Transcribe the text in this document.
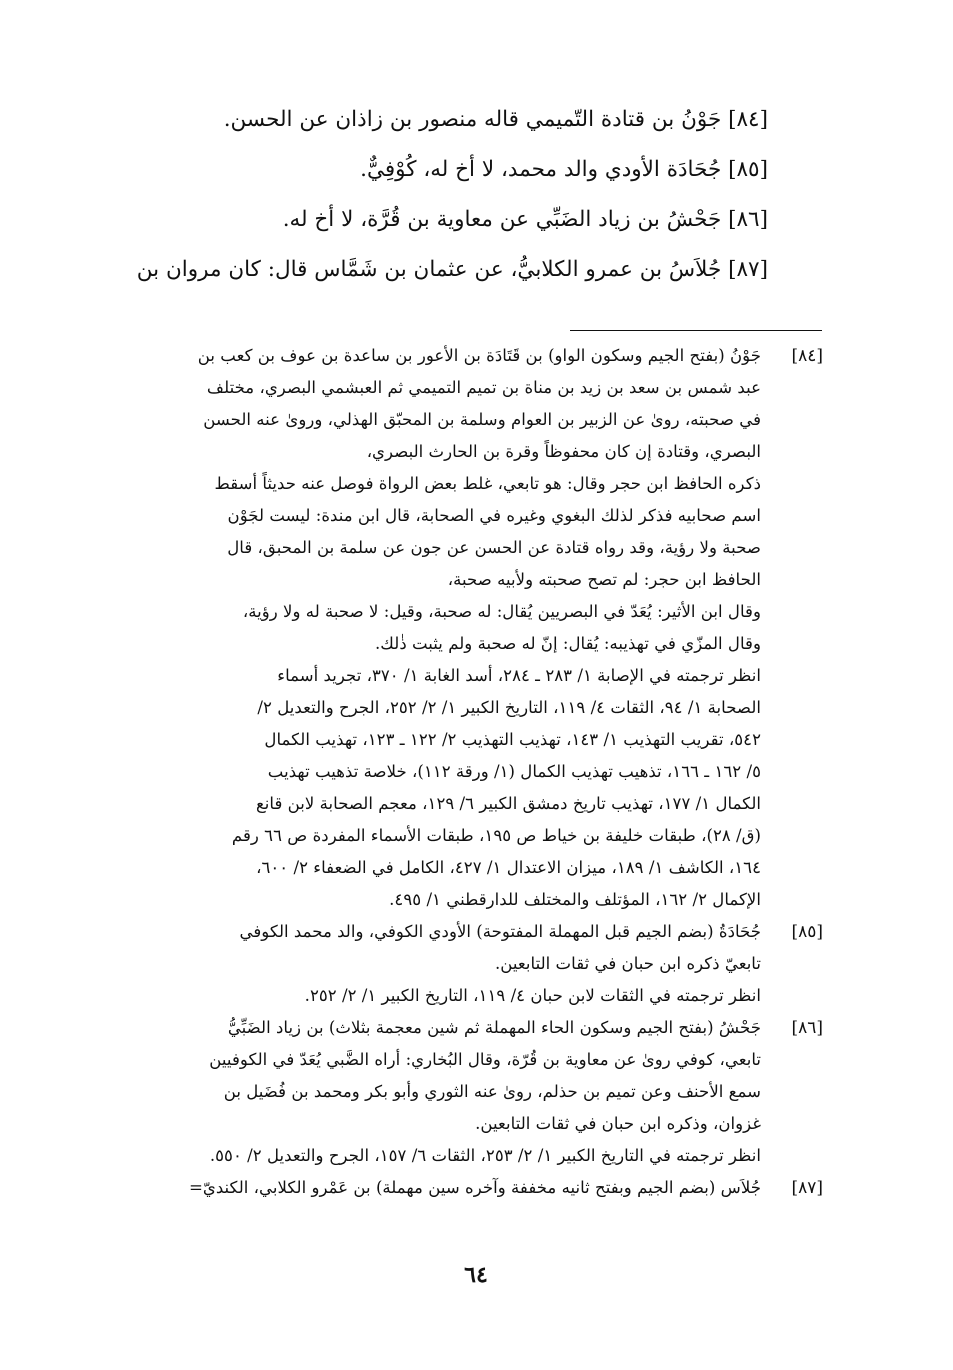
[٨٤] جَوْنُ بن قتادة التّميمي قاله منصور بن زاذان عن الحسن.
[٨٥] جُحَادَة الأودي والد محمد، لا أخ له، كُوْفِيٌّ.
[٨٦] جَحْشُ بن زياد الضَبِّي عن معاوية بن قُرَّة، لا أخ له.
[٨٧] جُلاَسُ بن عمرو الكلابيُّ، عن عثمان بن شَمَّاس قال: كان مروان بن
[٨٤]
جَوْنُ (بفتح الجيم وسكون الواو) بن قَتَادَة بن الأعور بن ساعدة بن عوف بن كعب بن
عبد شمس بن سعد بن زيد بن مناة بن تميم التميمي ثم العبشمي البصري، مختلف
في صحبته، روىٰ عن الزبير بن العوام وسلمة بن المحبّق الهذلي، وروىٰ عنه الحسن
البصري، وقتادة إن كان محفوظاً وقرة بن الحارث البصري،
ذكره الحافظ ابن حجر وقال: هو تابعي، غلط بعض الرواة فوصل عنه حديثاً أسقط
اسم صحابيه فذكر لذلك البغوي وغيره في الصحابة، قال ابن مندة: ليست لجَوْن
صحبة ولا رؤية، وقد رواه قتادة عن الحسن عن جون عن سلمة بن المحبق، قال
الحافظ ابن حجر: لم تصح صحبته ولأبيه صحبة،
وقال ابن الأثير: يُعَدّ في البصريين يُقال: له صحبة، وقيل: لا صحبة له ولا رؤية،
وقال المزّي في تهذيبه: يُقال: إنّ له صحبة ولم يثبت ذٰلك.
انظر ترجمته في الإصابة ١/ ٢٨٣ ـ ٢٨٤، أسد الغابة ١/ ٣٧٠، تجريد أسماء
الصحابة ١/ ٩٤، الثقات ٤/ ١١٩، التاريخ الكبير ١/ ٢/ ٢٥٢، الجرح والتعديل ٢/
٥٤٢، تقريب التهذيب ١/ ١٤٣، تهذيب التهذيب ٢/ ١٢٢ ـ ١٢٣، تهذيب الكمال
٥/ ١٦٢ ـ ١٦٦، تذهيب تهذيب الكمال (١/ ورقة ١١٢)، خلاصة تذهيب تهذيب
الكمال ١/ ١٧٧، تهذيب تاريخ دمشق الكبير ٦/ ١٢٩، معجم الصحابة لابن قانع
(ق/ ٢٨)، طبقات خليفة بن خياط ص ١٩٥، طبقات الأسماء المفردة ص ٦٦ رقم
١٦٤، الكاشف ١/ ١٨٩، ميزان الاعتدال ١/ ٤٢٧، الكامل في الضعفاء ٢/ ٦٠٠،
الإكمال ٢/ ١٦٢، المؤتلف والمختلف للدارقطني ١/ ٤٩٥.
[٨٥]
جُحَادَةُ (بضم الجيم قبل المهملة المفتوحة) الأودي الكوفي، والد محمد الكوفي
تابعيّ ذكره ابن حبان في ثقات التابعين.
انظر ترجمته في الثقات لابن حبان ٤/ ١١٩، التاريخ الكبير ١/ ٢/ ٢٥٢.
[٨٦]
جَحْشُ (بفتح الجيم وسكون الحاء المهملة ثم شين معجمة بثلاث) بن زياد الضَبِّيُّ
تابعي، كوفي روىٰ عن معاوية بن قُرّة، وقال البُخاري: أراه الضَّبي يُعَدّ في الكوفيين
سمع الأحنف وعن تميم بن حذلم، روىٰ عنه الثوري وأبو بكر ومحمد بن فُضَيل بن
غزوان، وذكره ابن حبان في ثقات التابعين.
انظر ترجمته في التاريخ الكبير ١/ ٢/ ٢٥٣، الثقات ٦/ ١٥٧، الجرح والتعديل ٢/ ٥٥٠.
[٨٧]
جُلاَس (بضم الجيم وبفتح ثانيه مخففة وآخره سين مهملة) بن عَمْرو الكلابي، الكنديّ=
٦٤
